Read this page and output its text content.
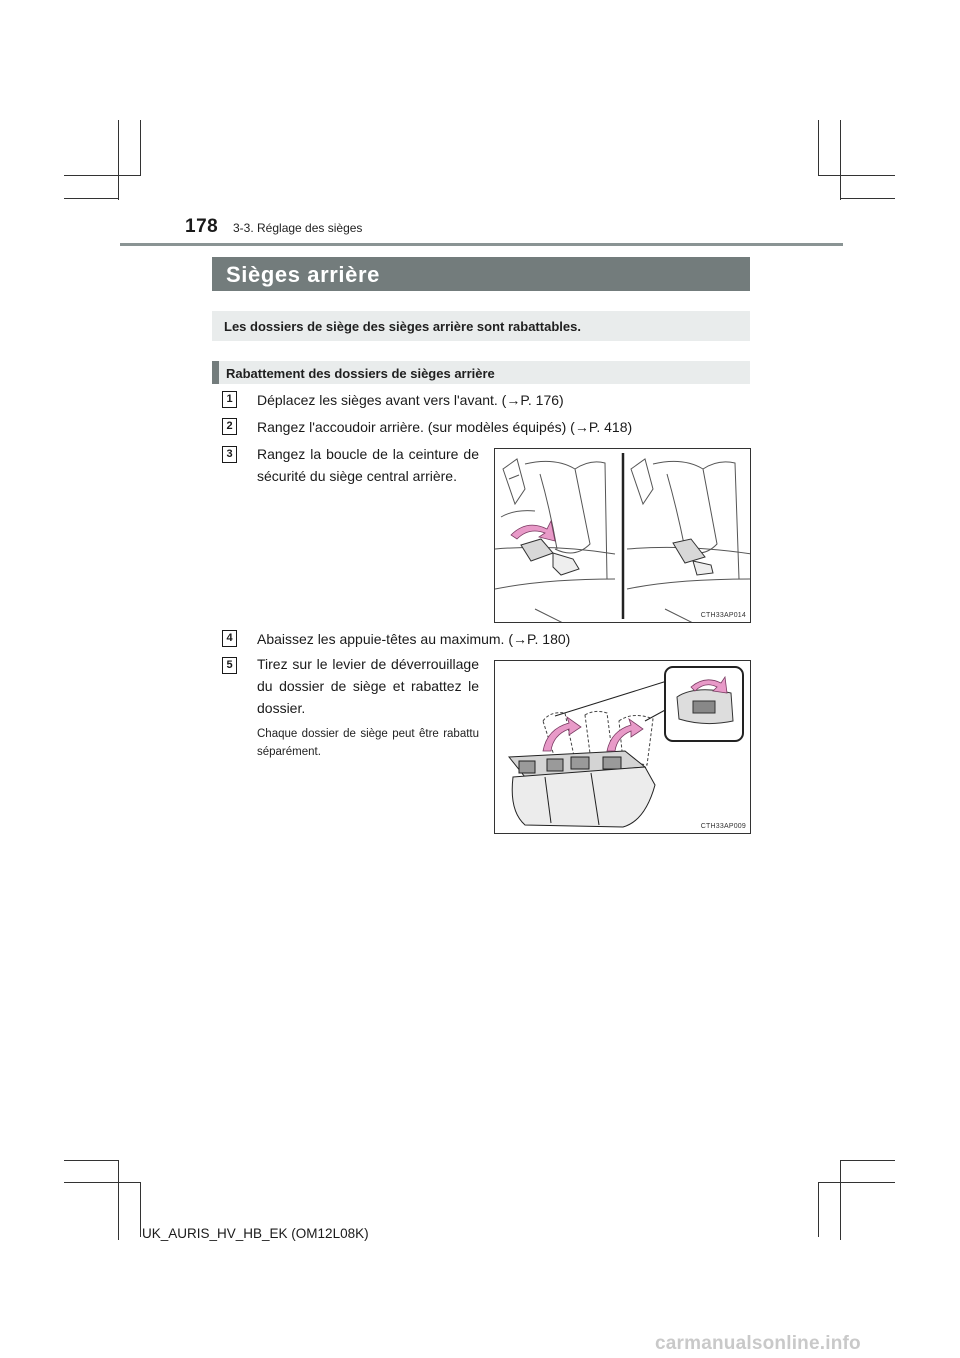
178 3-3. Réglage des sièges
Sièges arrière
Les dossiers de siège des sièges arrière sont rabattables.
Rabattement des dossiers de sièges arrière
1	Déplacez les sièges avant vers l'avant. (→P. 176)
2	Rangez l'accoudoir arrière. (sur modèles équipés) (→P. 418)
3	Rangez la boucle de la ceinture de sécurité du siège central arrière.
CTH33AP014
4	Abaissez les appuie-têtes au maximum. (→P. 180)
5	Tirez sur le levier de déverrouillage du dossier de siège et rabattez le dossier.
Chaque dossier de siège peut être rabattu séparément.
CTH33AP009
UK_AURIS_HV_HB_EK (OM12L08K)
carmanualsonline.info
